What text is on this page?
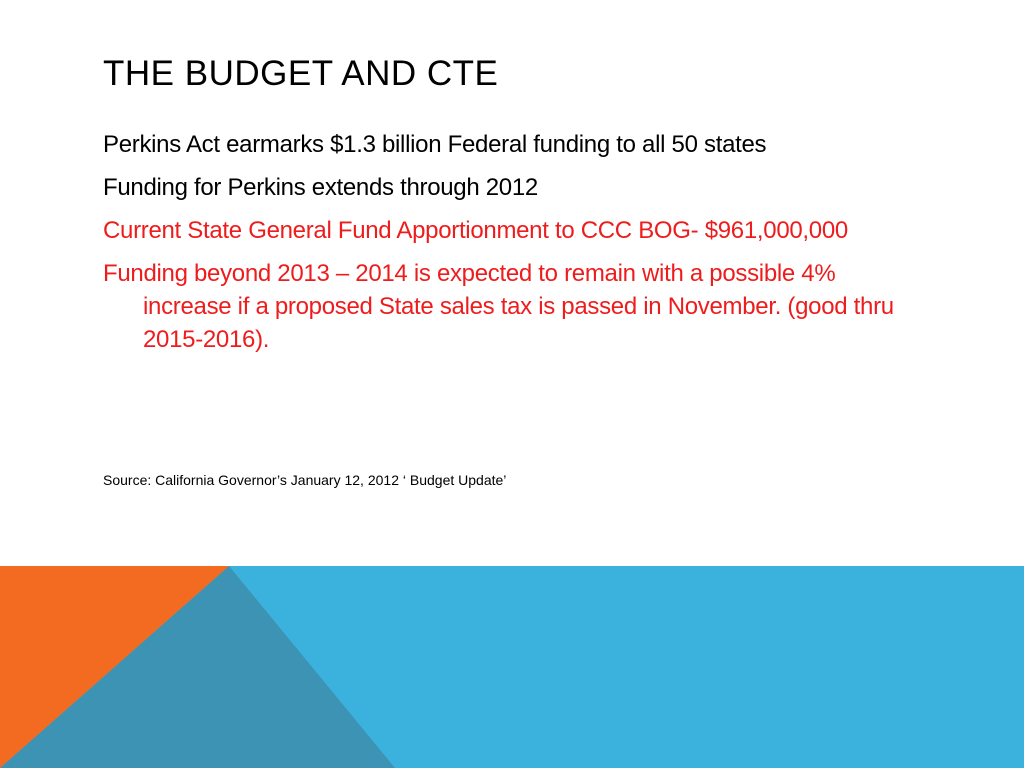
THE BUDGET AND CTE
Perkins Act earmarks $1.3 billion Federal funding to all 50 states
Funding for Perkins extends through 2012
Current State General Fund Apportionment to CCC BOG- $961,000,000
Funding beyond 2013 – 2014 is expected to remain with a possible 4% increase if a proposed State sales tax is passed in November. (good thru 2015-2016).

Source: California Governor’s January 12, 2012 ‘ Budget Update’
